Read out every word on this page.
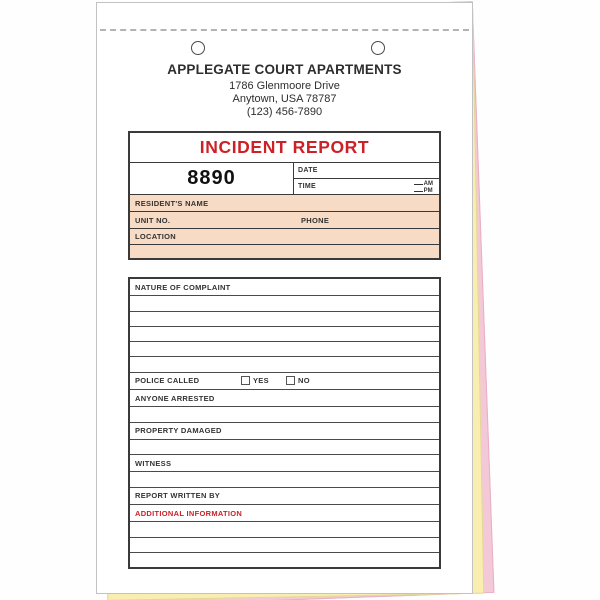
APPLEGATE COURT APARTMENTS
1786 Glenmoore Drive
Anytown, USA 78787
(123) 456-7890
INCIDENT REPORT
8890	DATE
TIME	AM
PM
RESIDENT'S NAME
UNIT NO.	PHONE
LOCATION
NATURE OF COMPLAINT
POLICE CALLED	YES	NO
ANYONE ARRESTED
PROPERTY DAMAGED
WITNESS
REPORT WRITTEN BY
ADDITIONAL INFORMATION
